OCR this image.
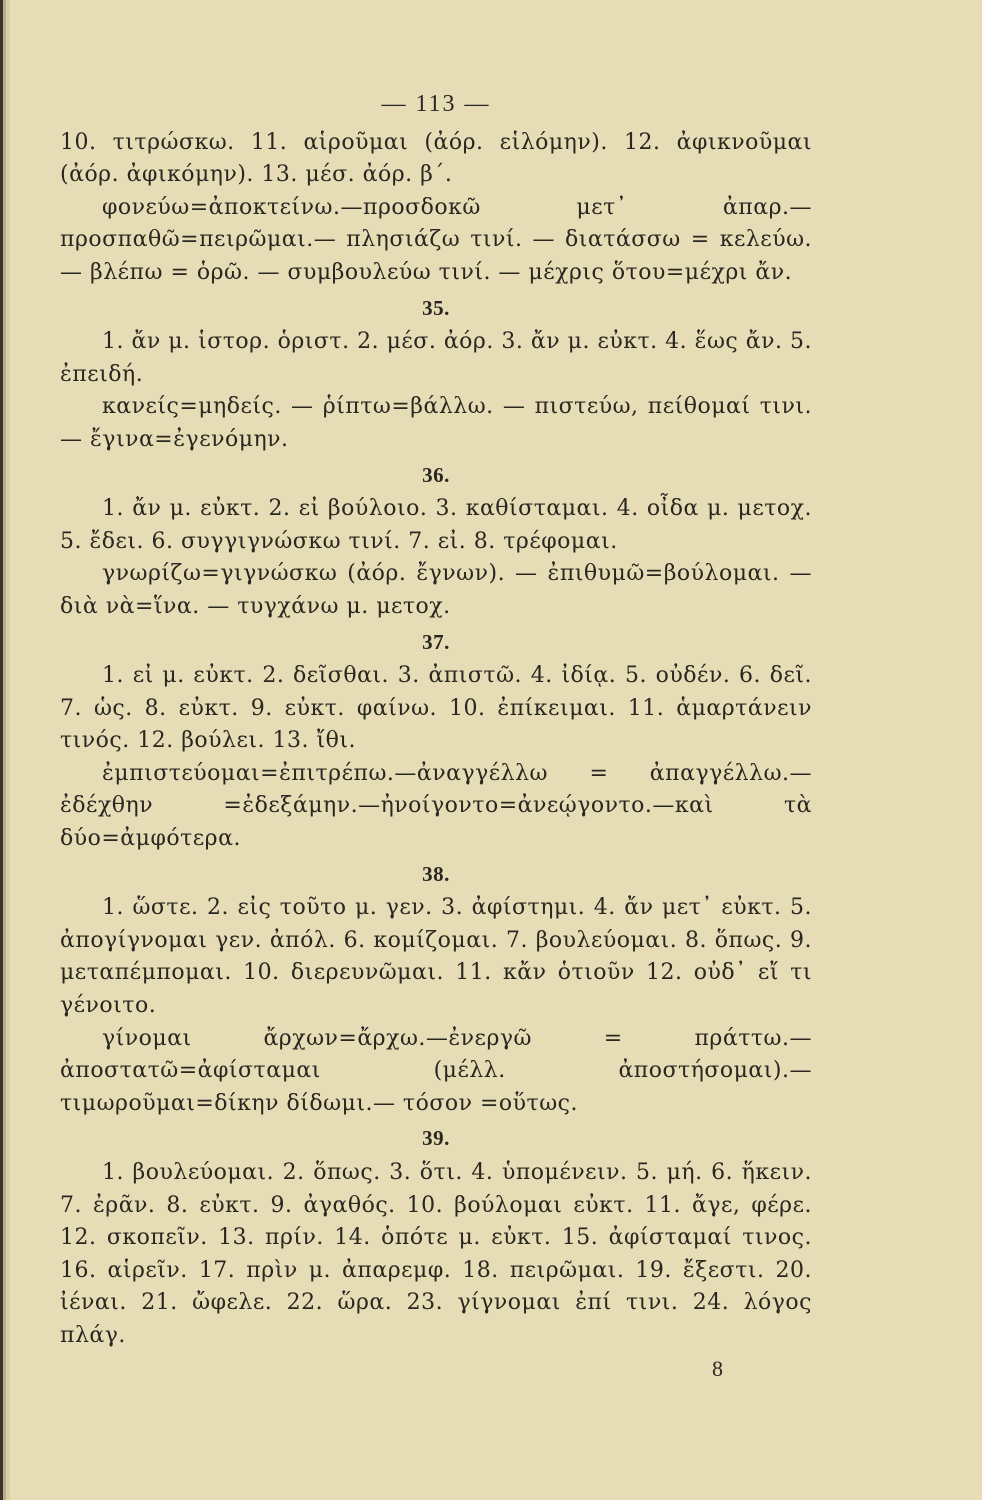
— 113 —

10. τιτρώσκω. 11. αἱροῦμαι (ἀόρ. εἱλόμην). 12. ἀφικνοῦμαι (ἀόρ. ἀφικόμην). 13. μέσ. ἀόρ. β΄.

φονεύω=ἀποκτείνω.—προσδοκῶ μετ᾽ ἀπαρ.—προσπαθῶ=πειρῶμαι.— πλησιάζω τινί. — διατάσσω = κελεύω. — βλέπω = ὁρῶ. — συμβουλεύω τινί. — μέχρις ὅτου=μέχρι ἄν.

35.

1. ἄν μ. ἱστορ. ὁριστ. 2. μέσ. ἀόρ. 3. ἄν μ. εὐκτ. 4. ἕως ἄν. 5. ἐπειδή.

κανείς=μηδείς. — ῥίπτω=βάλλω. — πιστεύω, πείθομαί τινι.— ἔγινα=ἐγενόμην.

36.

1. ἄν μ. εὐκτ. 2. εἰ βούλοιο. 3. καθίσταμαι. 4. οἶδα μ. μετοχ. 5. ἔδει. 6. συγγιγνώσκω τινί. 7. εἰ. 8. τρέφομαι.

γνωρίζω=γιγνώσκω (ἀόρ. ἔγνων). — ἐπιθυμῶ=βούλομαι. — διὰ νὰ=ἵνα. — τυγχάνω μ. μετοχ.

37.

1. εἰ μ. εὐκτ. 2. δεῖσθαι. 3. ἀπιστῶ. 4. ἰδίᾳ. 5. οὐδέν. 6. δεῖ. 7. ὡς. 8. εὐκτ. 9. εὐκτ. φαίνω. 10. ἐπίκειμαι. 11. ἁμαρτάνειν τινός. 12. βούλει. 13. ἴθι.

ἐμπιστεύομαι=ἐπιτρέπω.—ἀναγγέλλω = ἀπαγγέλλω.—ἐδέχθην =ἐδεξάμην.—ἠνοίγοντο=ἀνεῴγοντο.—καὶ τὰ δύο=ἀμφότερα.

38.

1. ὥστε. 2. εἰς τοῦτο μ. γεν. 3. ἀφίστημι. 4. ἄν μετ᾽ εὐκτ. 5. ἀπογίγνομαι γεν. ἀπόλ. 6. κομίζομαι. 7. βουλεύομαι. 8. ὅπως. 9. μεταπέμπομαι. 10. διερευνῶμαι. 11. κἄν ὁτιοῦν 12. οὐδ᾽ εἴ τι γένοιτο.

γίνομαι ἄρχων=ἄρχω.—ἐνεργῶ = πράττω.—ἀποστατῶ=ἀφίσταμαι (μέλλ. ἀποστήσομαι).—τιμωροῦμαι=δίκην δίδωμι.— τόσον =οὕτως.

39.

1. βουλεύομαι. 2. ὅπως. 3. ὅτι. 4. ὑπομένειν. 5. μή. 6. ἥκειν. 7. ἐρᾶν. 8. εὐκτ. 9. ἀγαθός. 10. βούλομαι εὐκτ. 11. ἄγε, φέρε. 12. σκοπεῖν. 13. πρίν. 14. ὁπότε μ. εὐκτ. 15. ἀφίσταμαί τινος. 16. αἱρεῖν. 17. πρὶν μ. ἀπαρεμφ. 18. πειρῶμαι. 19. ἔξεστι. 20. ἰέναι. 21. ὤφελε. 22. ὥρα. 23. γίγνομαι ἐπί τινι. 24. λόγος πλάγ.

8
